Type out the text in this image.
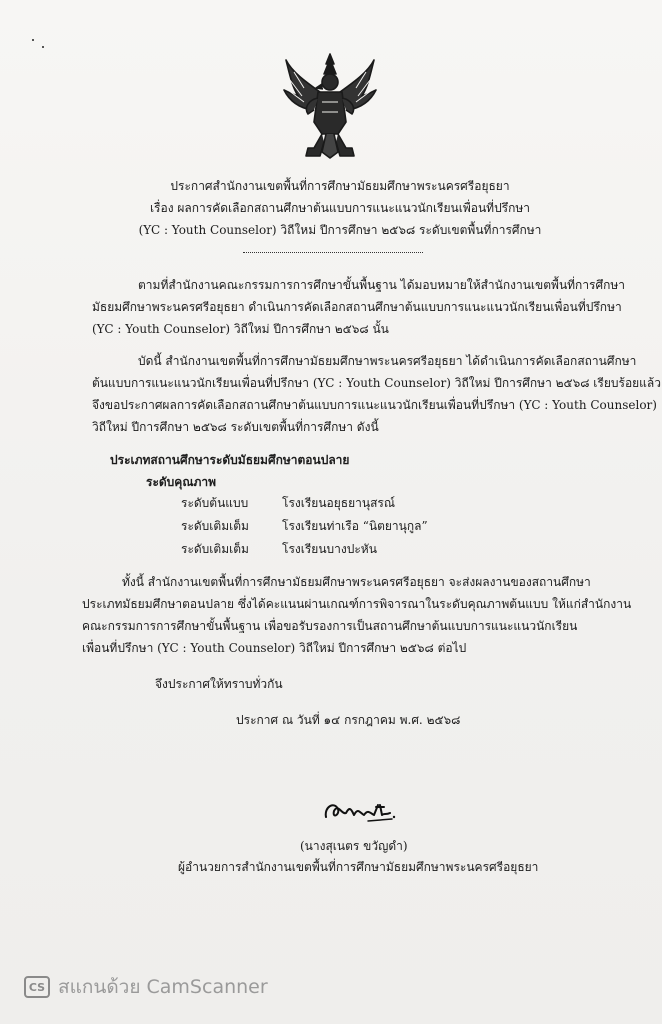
ประกาศสำนักงานเขตพื้นที่การศึกษามัธยมศึกษาพระนครศรีอยุธยา
เรื่อง ผลการคัดเลือกสถานศึกษาต้นแบบการแนะแนวนักเรียนเพื่อนที่ปรึกษา
(YC : Youth Counselor) วิถีใหม่ ปีการศึกษา ๒๕๖๘ ระดับเขตพื้นที่การศึกษา
ตามที่สำนักงานคณะกรรมการการศึกษาขั้นพื้นฐาน ได้มอบหมายให้สำนักงานเขตพื้นที่การศึกษา
มัธยมศึกษาพระนครศรีอยุธยา ดำเนินการคัดเลือกสถานศึกษาต้นแบบการแนะแนวนักเรียนเพื่อนที่ปรึกษา
(YC : Youth Counselor) วิถีใหม่ ปีการศึกษา ๒๕๖๘ นั้น
บัดนี้ สำนักงานเขตพื้นที่การศึกษามัธยมศึกษาพระนครศรีอยุธยา ได้ดำเนินการคัดเลือกสถานศึกษา
ต้นแบบการแนะแนวนักเรียนเพื่อนที่ปรึกษา (YC : Youth Counselor) วิถีใหม่ ปีการศึกษา ๒๕๖๘ เรียบร้อยแล้ว
จึงขอประกาศผลการคัดเลือกสถานศึกษาต้นแบบการแนะแนวนักเรียนเพื่อนที่ปรึกษา (YC : Youth Counselor)
วิถีใหม่ ปีการศึกษา ๒๕๖๘ ระดับเขตพื้นที่การศึกษา ดังนี้
ประเภทสถานศึกษาระดับมัธยมศึกษาตอนปลาย
ระดับคุณภาพ
ระดับต้นแบบ	โรงเรียนอยุธยานุสรณ์
ระดับเติมเต็ม	โรงเรียนท่าเรือ “นิตยานุกูล”
ระดับเติมเต็ม	โรงเรียนบางปะหัน
ทั้งนี้ สำนักงานเขตพื้นที่การศึกษามัธยมศึกษาพระนครศรีอยุธยา จะส่งผลงานของสถานศึกษา
ประเภทมัธยมศึกษาตอนปลาย ซึ่งได้คะแนนผ่านเกณฑ์การพิจารณาในระดับคุณภาพต้นแบบ ให้แก่สำนักงาน
คณะกรรมการการศึกษาขั้นพื้นฐาน เพื่อขอรับรองการเป็นสถานศึกษาต้นแบบการแนะแนวนักเรียน
เพื่อนที่ปรึกษา (YC : Youth Counselor) วิถีใหม่ ปีการศึกษา ๒๕๖๘ ต่อไป
จึงประกาศให้ทราบทั่วกัน
ประกาศ ณ วันที่ ๑๔ กรกฎาคม พ.ศ. ๒๕๖๘
(นางสุเนตร ขวัญดำ)
ผู้อำนวยการสำนักงานเขตพื้นที่การศึกษามัธยมศึกษาพระนครศรีอยุธยา
CS สแกนด้วย CamScanner
